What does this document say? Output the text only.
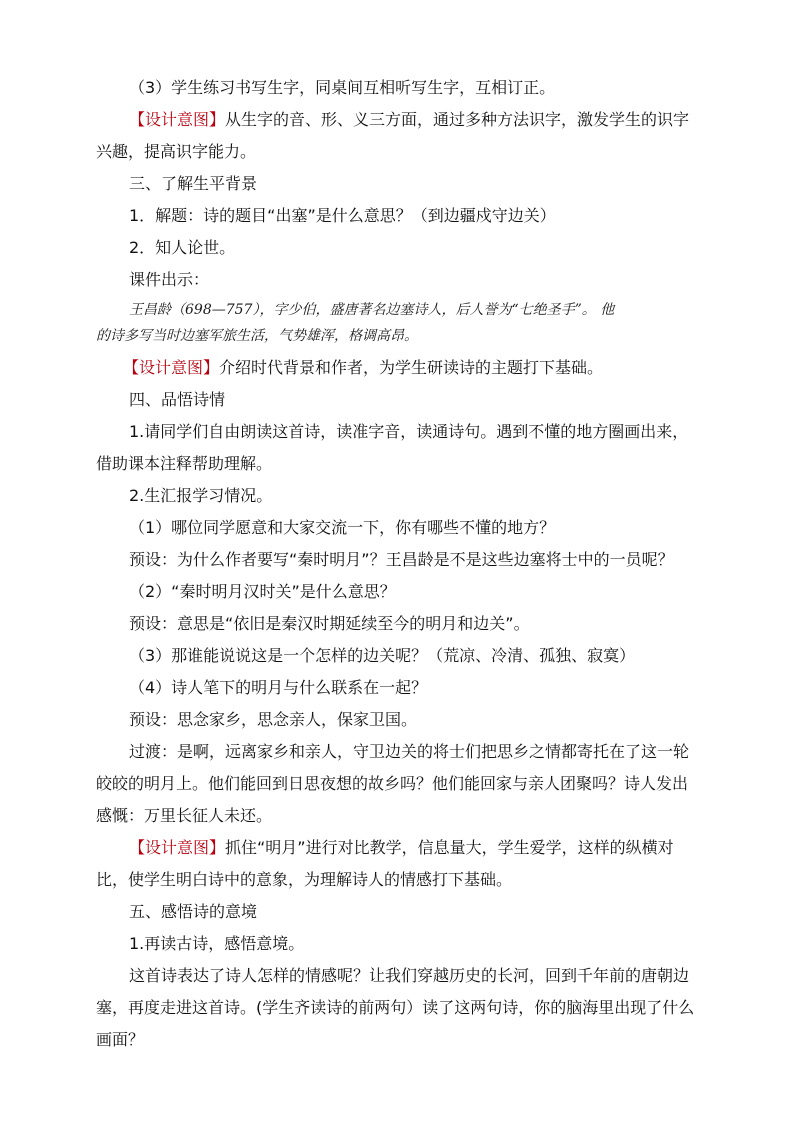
（3）学生练习书写生字，同桌间互相听写生字，互相订正。
【设计意图】从生字的音、形、义三方面，通过多种方法识字，激发学生的识字
兴趣，提高识字能力。
三、了解生平背景
1．解题：诗的题目“出塞”是什么意思？（到边疆戍守边关）
2．知人论世。
课件出示：
王昌龄（698—757），字少伯，盛唐著名边塞诗人，后人誉为“七绝圣手”。 他
的诗多写当时边塞军旅生活，气势雄浑，格调高昂。
【设计意图】介绍时代背景和作者，为学生研读诗的主题打下基础。
四、品悟诗情
1.请同学们自由朗读这首诗，读准字音，读通诗句。遇到不懂的地方圈画出来，
借助课本注释帮助理解。
2.生汇报学习情况。
（1）哪位同学愿意和大家交流一下，你有哪些不懂的地方？
预设：为什么作者要写“秦时明月”？王昌龄是不是这些边塞将士中的一员呢？
（2）“秦时明月汉时关”是什么意思？
预设：意思是“依旧是秦汉时期延续至今的明月和边关”。
（3）那谁能说说这是一个怎样的边关呢？（荒凉、冷清、孤独、寂寞）
（4）诗人笔下的明月与什么联系在一起？
预设：思念家乡，思念亲人，保家卫国。
过渡：是啊，远离家乡和亲人，守卫边关的将士们把思乡之情都寄托在了这一轮
皎皎的明月上。他们能回到日思夜想的故乡吗？他们能回家与亲人团聚吗？诗人发出
感慨：万里长征人未还。
【设计意图】抓住“明月”进行对比教学，信息量大，学生爱学，这样的纵横对
比，使学生明白诗中的意象，为理解诗人的情感打下基础。
五、感悟诗的意境
1.再读古诗，感悟意境。
这首诗表达了诗人怎样的情感呢？让我们穿越历史的长河，回到千年前的唐朝边
塞，再度走进这首诗。(学生齐读诗的前两句）读了这两句诗，你的脑海里出现了什么
画面？
